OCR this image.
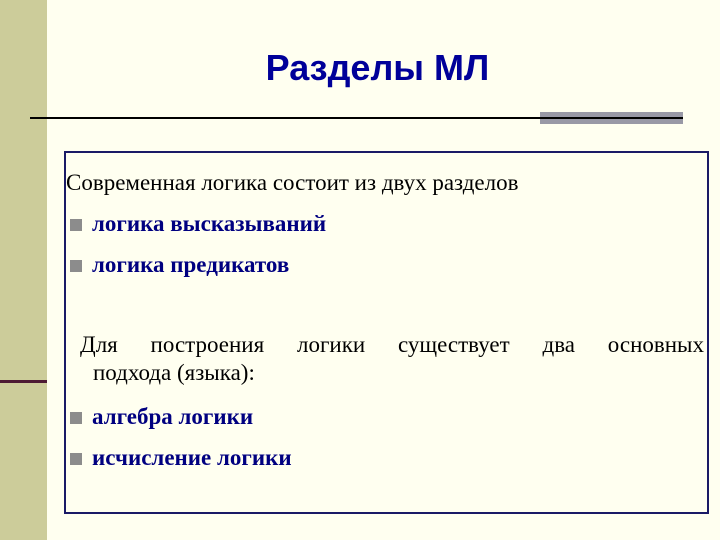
Разделы МЛ
Современная логика состоит из двух разделов
логика высказываний
логика предикатов
Для построения логики существует два основных
подхода (языка):
алгебра логики
исчисление логики
